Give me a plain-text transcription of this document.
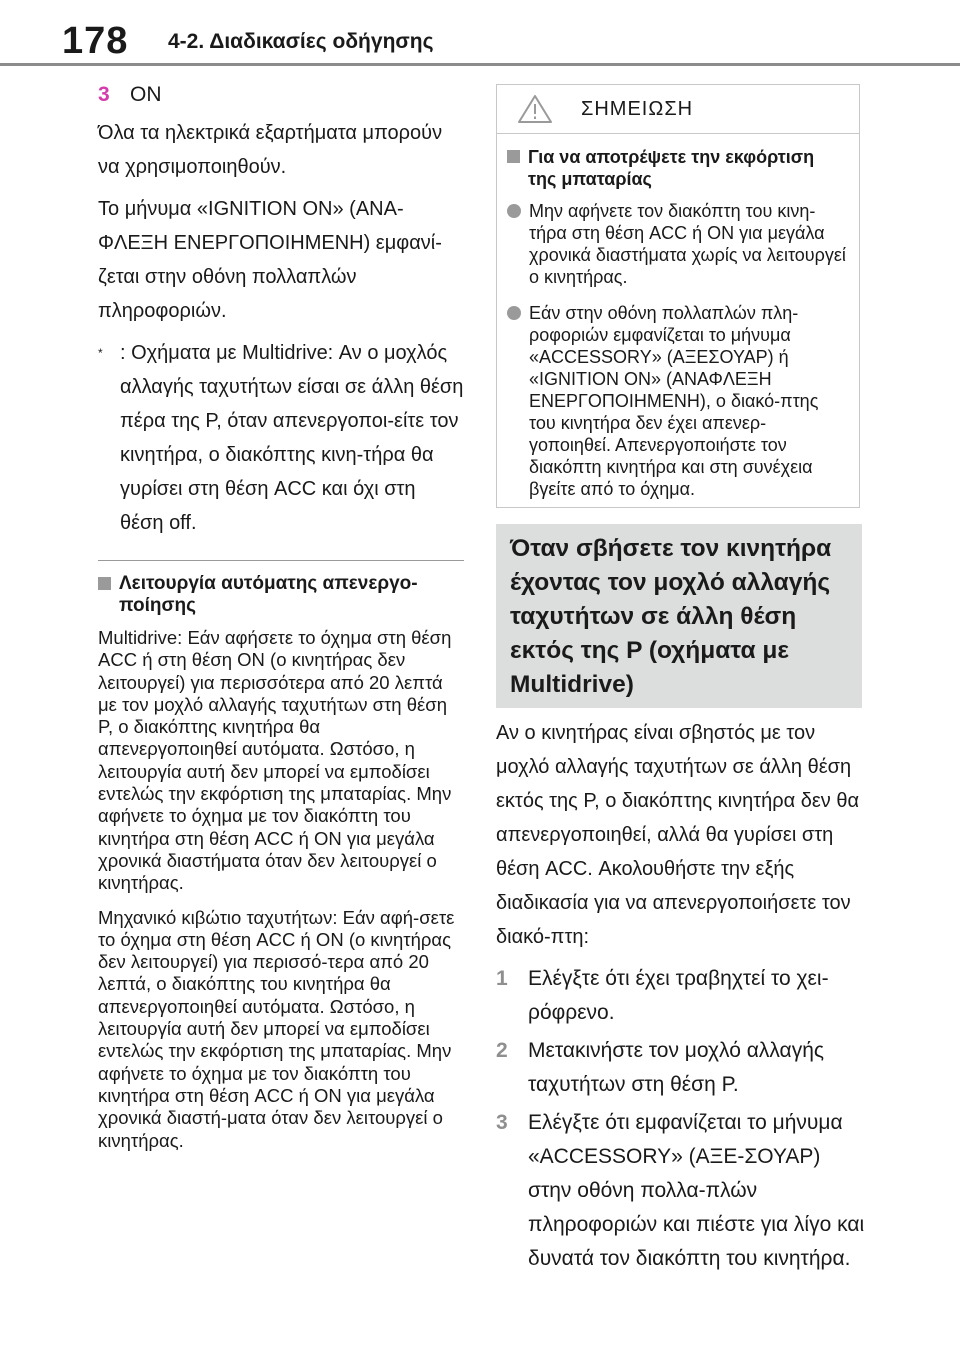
178 4-2. Διαδικασίες οδήγησης
3 ON

Όλα τα ηλεκτρικά εξαρτήματα μπορούν να χρησιμοποιηθούν.

Το μήνυμα «IGNITION ON» (ΑΝΑ-ΦΛΕΞΗ ΕΝΕΡΓΟΠΟΙΗΜΕΝΗ) εμφανί-ζεται στην οθόνη πολλαπλών πληροφοριών.

* : Οχήματα με Multidrive: Αν ο μοχλός αλλαγής ταχυτήτων είσαι σε άλλη θέση πέρα της P, όταν απενεργοποι-είτε τον κινητήρα, ο διακόπτης κινη-τήρα θα γυρίσει στη θέση ACC και όχι στη θέση off.
Λειτουργία αυτόματης απενεργο-ποίησης

Multidrive: Εάν αφήσετε το όχημα στη θέση ACC ή στη θέση ON (ο κινητήρας δεν λειτουργεί) για περισσότερα από 20 λεπτά με τον μοχλό αλλαγής ταχυτήτων στη θέση P, ο διακόπτης κινητήρα θα απενεργοποιηθεί αυτόματα. Ωστόσο, η λειτουργία αυτή δεν μπορεί να εμποδίσει εντελώς την εκφόρτιση της μπαταρίας. Μην αφήνετε το όχημα με τον διακόπτη του κινητήρα στη θέση ACC ή ON για μεγάλα χρονικά διαστήματα όταν δεν λειτουργεί ο κινητήρας.

Μηχανικό κιβώτιο ταχυτήτων: Εάν αφή-σετε το όχημα στη θέση ACC ή ON (ο κινητήρας δεν λειτουργεί) για περισσό-τερα από 20 λεπτά, ο διακόπτης του κινητήρα θα απενεργοποιηθεί αυτόματα. Ωστόσο, η λειτουργία αυτή δεν μπορεί να εμποδίσει εντελώς την εκφόρτιση της μπαταρίας. Μην αφήνετε το όχημα με τον διακόπτη του κινητήρα στη θέση ACC ή ON για μεγάλα χρονικά διαστή-ματα όταν δεν λειτουργεί ο κινητήρας.

ΣΗΜΕΙΩΣΗ
Για να αποτρέψετε την εκφόρτιση της μπαταρίας
Μην αφήνετε τον διακόπτη του κινη-τήρα στη θέση ACC ή ON για μεγάλα χρονικά διαστήματα χωρίς να λειτουργεί ο κινητήρας.
Εάν στην οθόνη πολλαπλών πλη-ροφοριών εμφανίζεται το μήνυμα «ACCESSORY» (ΑΞΕΣΟΥΑΡ) ή «IGNITION ON» (ΑΝΑΦΛΕΞΗ ΕΝΕΡΓΟΠΟΙΗΜΕΝΗ), ο διακό-πτης του κινητήρα δεν έχει απενερ-γοποιηθεί. Απενεργοποιήστε τον διακόπτη κινητήρα και στη συνέχεια βγείτε από το όχημα.
Όταν σβήσετε τον κινητήρα
έχοντας τον μοχλό αλλαγής
ταχυτήτων σε άλλη θέση
εκτός της P (οχήματα με
Multidrive)

Αν ο κινητήρας είναι σβηστός με τον μοχλό αλλαγής ταχυτήτων σε άλλη θέση εκτός της P, ο διακόπτης κινητήρα δεν θα απενεργοποιηθεί, αλλά θα γυρίσει στη θέση ACC. Ακολουθήστε την εξής διαδικασία για να απενεργοποιήσετε τον διακό-πτη:

1 Ελέγξτε ότι έχει τραβηχτεί το χει-ρόφρενο.
2 Μετακινήστε τον μοχλό αλλαγής ταχυτήτων στη θέση P.
3 Ελέγξτε ότι εμφανίζεται το μήνυμα «ACCESSORY» (ΑΞΕ-ΣΟΥΑΡ) στην οθόνη πολλα-πλών πληροφοριών και πιέστε για λίγο και δυνατά τον διακόπτη του κινητήρα.
